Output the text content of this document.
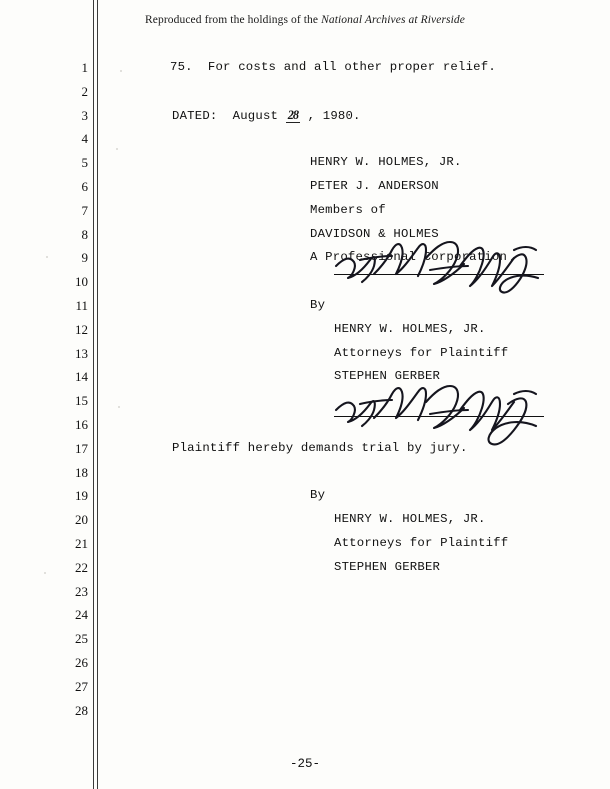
Reproduced from the holdings of the National Archives at Riverside
1
2
3
4
5
6
7
8
9
10
11
12
13
14
15
16
17
18
19
20
21
22
23
24
25
26
27
28
75.  For costs and all other proper relief.
DATED:  August 28 , 1980.
HENRY W. HOLMES, JR.
PETER J. ANDERSON
Members of
DAVIDSON & HOLMES
A Professional Corporation
By
HENRY W. HOLMES, JR.
Attorneys for Plaintiff
STEPHEN GERBER
Plaintiff hereby demands trial by jury.
By
HENRY W. HOLMES, JR.
Attorneys for Plaintiff
STEPHEN GERBER
-25-
